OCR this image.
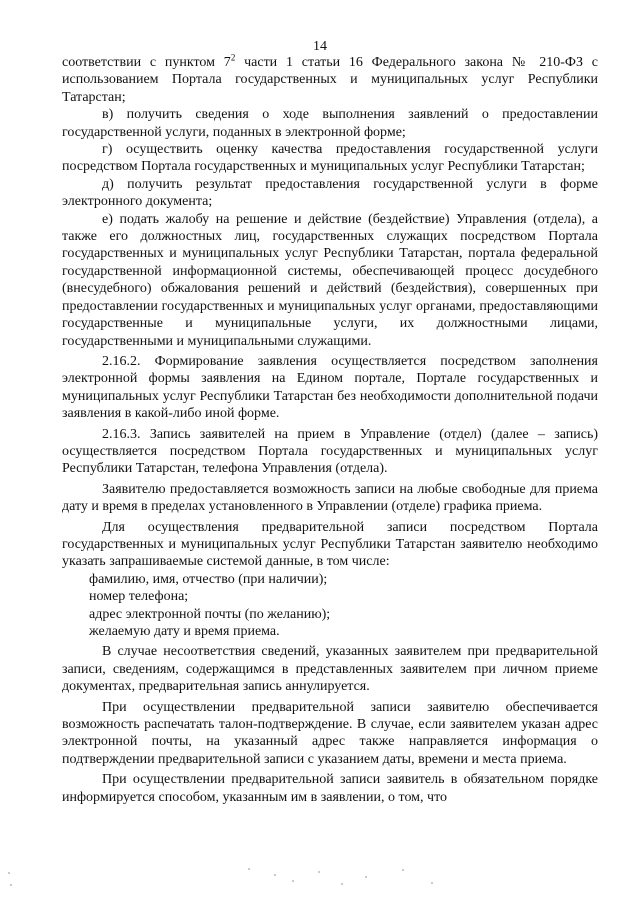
14

соответствии с пунктом 7$^2$ части 1 статьи 16 Федерального закона № 210-ФЗ с использованием Портала государственных и муниципальных услуг Республики Татарстан;

в) получить сведения о ходе выполнения заявлений о предоставлении государственной услуги, поданных в электронной форме;

г) осуществить оценку качества предоставления государственной услуги посредством Портала государственных и муниципальных услуг Республики Татарстан;

д) получить результат предоставления государственной услуги в форме электронного документа;

е) подать жалобу на решение и действие (бездействие) Управления (отдела), а также его должностных лиц, государственных служащих посредством Портала государственных и муниципальных услуг Республики Татарстан, портала федеральной государственной информационной системы, обеспечивающей процесс досудебного (внесудебного) обжалования решений и действий (бездействия), совершенных при предоставлении государственных и муниципальных услуг органами, предоставляющими государственные и муниципальные услуги, их должностными лицами, государственными и муниципальными служащими.

2.16.2. Формирование заявления осуществляется посредством заполнения электронной формы заявления на Едином портале, Портале государственных и муниципальных услуг Республики Татарстан без необходимости дополнительной подачи заявления в какой-либо иной форме.

2.16.3. Запись заявителей на прием в Управление (отдел) (далее – запись) осуществляется посредством Портала государственных и муниципальных услуг Республики Татарстан, телефона Управления (отдела).

Заявителю предоставляется возможность записи на любые свободные для приема дату и время в пределах установленного в Управлении (отделе) графика приема.

Для осуществления предварительной записи посредством Портала государственных и муниципальных услуг Республики Татарстан заявителю необходимо указать запрашиваемые системой данные, в том числе:

фамилию, имя, отчество (при наличии);

номер телефона;

адрес электронной почты (по желанию);

желаемую дату и время приема.

В случае несоответствия сведений, указанных заявителем при предварительной записи, сведениям, содержащимся в представленных заявителем при личном приеме документах, предварительная запись аннулируется.

При осуществлении предварительной записи заявителю обеспечивается возможность распечатать талон-подтверждение. В случае, если заявителем указан адрес электронной почты, на указанный адрес также направляется информация о подтверждении предварительной записи с указанием даты, времени и места приема.

При осуществлении предварительной записи заявитель в обязательном порядке информируется способом, указанным им в заявлении, о том, что
